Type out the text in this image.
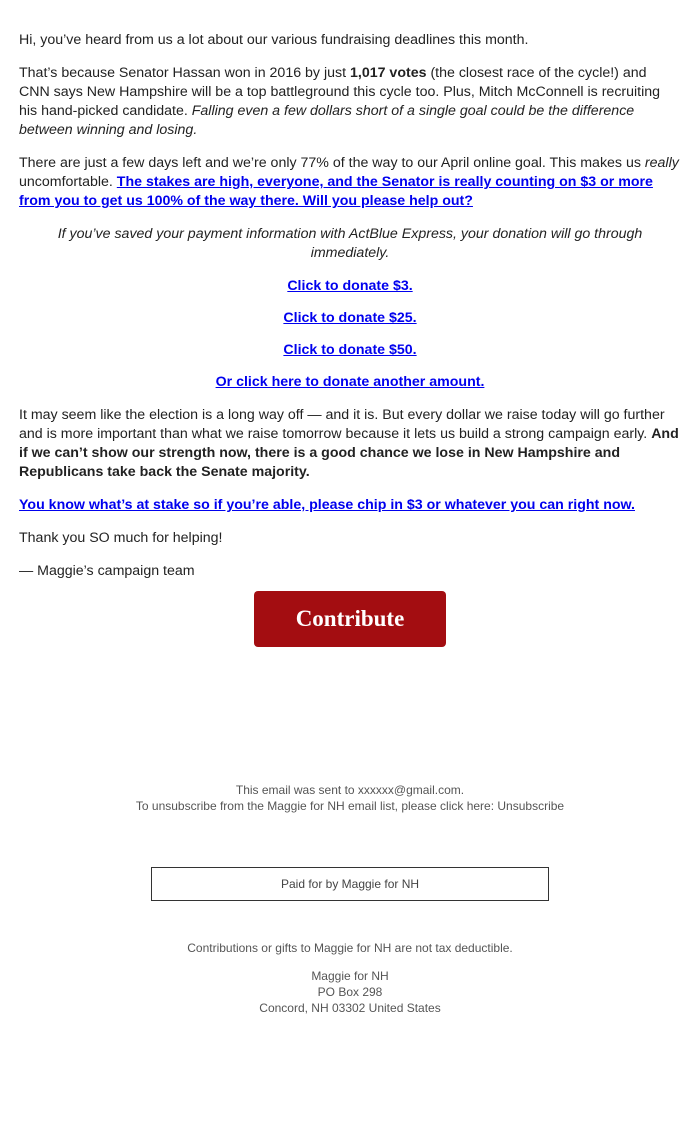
Hi, you’ve heard from us a lot about our various fundraising deadlines this month.

That’s because Senator Hassan won in 2016 by just 1,017 votes (the closest race of the cycle!) and CNN says New Hampshire will be a top battleground this cycle too. Plus, Mitch McConnell is recruiting his hand-picked candidate. Falling even a few dollars short of a single goal could be the difference between winning and losing.

There are just a few days left and we’re only 77% of the way to our April online goal. This makes us really uncomfortable. The stakes are high, everyone, and the Senator is really counting on $3 or more from you to get us 100% of the way there. Will you please help out?

If you’ve saved your payment information with ActBlue Express, your donation will go through immediately.

Click to donate $3.

Click to donate $25.

Click to donate $50.

Or click here to donate another amount.

It may seem like the election is a long way off — and it is. But every dollar we raise today will go further and is more important than what we raise tomorrow because it lets us build a strong campaign early. And if we can’t show our strength now, there is a good chance we lose in New Hampshire and Republicans take back the Senate majority.

You know what’s at stake so if you’re able, please chip in $3 or whatever you can right now.

Thank you SO much for helping!

— Maggie’s campaign team

Contribute
This email was sent to xxxxxx@gmail.com.
To unsubscribe from the Maggie for NH email list, please click here: Unsubscribe
Paid for by Maggie for NH
Contributions or gifts to Maggie for NH are not tax deductible.
Maggie for NH
PO Box 298
Concord, NH 03302 United States
